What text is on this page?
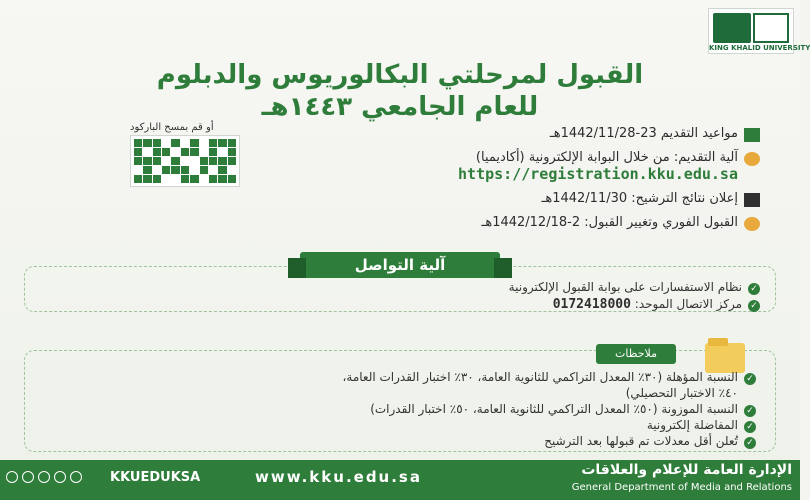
KING KHALID UNIVERSITY
القبول لمرحلتي البكالوريوس والدبلوم
للعام الجامعي ١٤٤٣هـ
أو قم بمسح الباركود	مواعيد التقديم 23-1442/11/28هـ
آلية التقديم: من خلال البوابة الإلكترونية (أكاديميا)
https://registration.kku.edu.sa
إعلان نتائج الترشيح: 1442/11/30هـ
القبول الفوري وتغيير القبول: 2-1442/12/18هـ
آلية التواصل
✓نظام الاستفسارات على بوابة القبول الإلكترونية
✓مركز الاتصال الموحد: 0172418000
ملاحظات
✓النسبة المؤهلة (٣٠٪ المعدل التراكمي للثانوية العامة، ٣٠٪ اختبار القدرات العامة،
٤٠٪ الاختبار التحصيلي)
✓النسبة الموزونة (٥٠٪ المعدل التراكمي للثانوية العامة، ٥٠٪ اختبار القدرات)
✓المفاضلة إلكترونية
✓تُعلن أقل معدلات تم قبولها بعد الترشيح
KKUEDUKSA	www.kku.edu.sa	الإدارة العامة للإعلام والعلاقات
General Department of Media and Relations
